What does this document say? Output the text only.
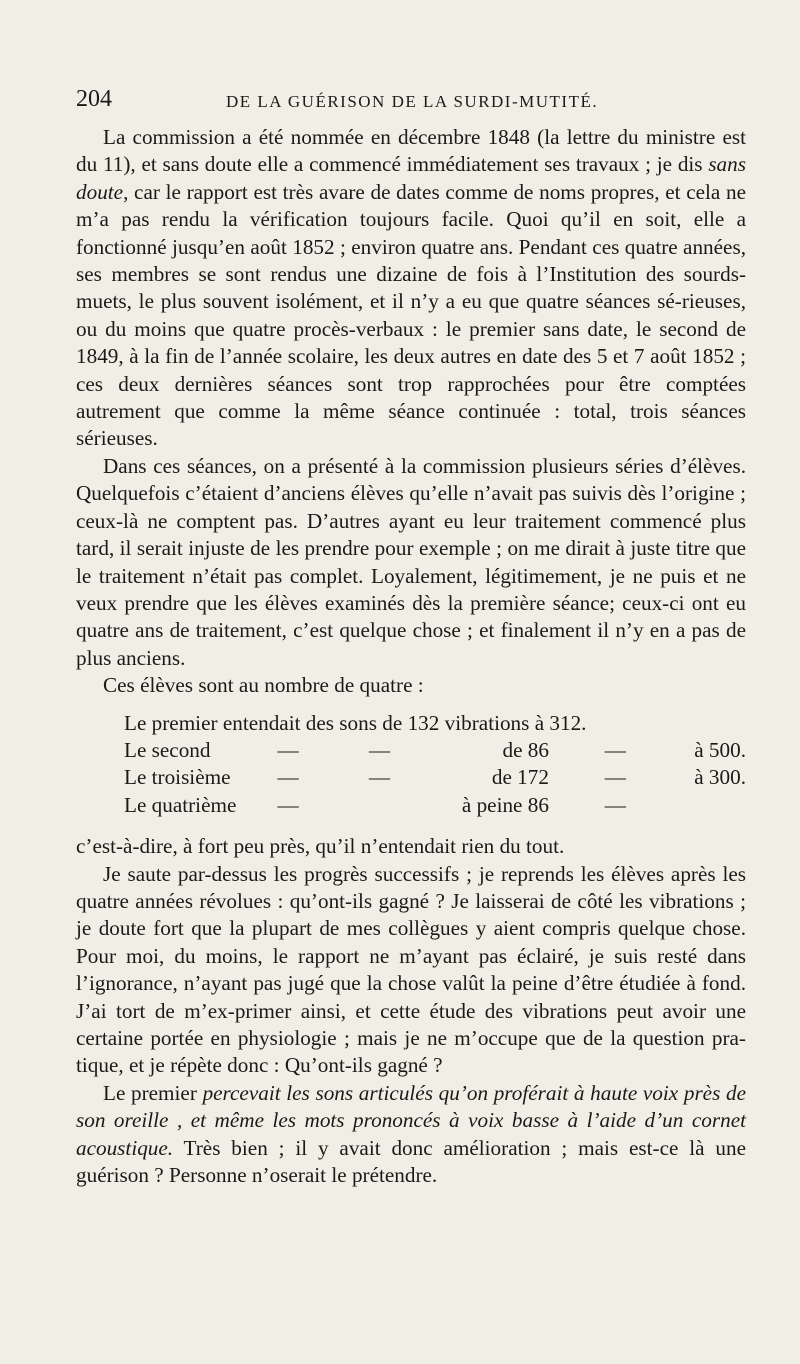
204	DE LA GUÉRISON DE LA SURDI-MUTITÉ.

La commission a été nommée en décembre 1848 (la lettre du ministre est du 11), et sans doute elle a commencé immédiatement ses travaux ; je dis sans doute, car le rapport est très avare de dates comme de noms propres, et cela ne m’a pas rendu la vérification toujours facile. Quoi qu’il en soit, elle a fonctionné jusqu’en août 1852 ; environ quatre ans. Pendant ces quatre années, ses membres se sont rendus une dizaine de fois à l’Institution des sourds-muets, le plus souvent isolément, et il n’y a eu que quatre séances sé-rieuses, ou du moins que quatre procès-verbaux : le premier sans date, le second de 1849, à la fin de l’année scolaire, les deux autres en date des 5 et 7 août 1852 ; ces deux dernières séances sont trop rapprochées pour être comptées autrement que comme la même séance continuée : total, trois séances sérieuses.

Dans ces séances, on a présenté à la commission plusieurs séries d’élèves. Quelquefois c’étaient d’anciens élèves qu’elle n’avait pas suivis dès l’origine ; ceux-là ne comptent pas. D’autres ayant eu leur traitement commencé plus tard, il serait injuste de les prendre pour exemple ; on me dirait à juste titre que le traitement n’était pas complet. Loyalement, légitimement, je ne puis et ne veux prendre que les élèves examinés dès la première séance; ceux-ci ont eu quatre ans de traitement, c’est quelque chose ; et finalement il n’y en a pas de plus anciens.

Ces élèves sont au nombre de quatre :

Le premier entendait des sons de 132 vibrations à 312.
Le second	—	—	de 86	—	à 500.
Le troisième	—	—	de 172	—	à 300.
Le quatrième	—		à peine 86	—	

c’est-à-dire, à fort peu près, qu’il n’entendait rien du tout.

Je saute par-dessus les progrès successifs ; je reprends les élèves après les quatre années révolues : qu’ont-ils gagné ? Je laisserai de côté les vibrations ; je doute fort que la plupart de mes collègues y aient compris quelque chose. Pour moi, du moins, le rapport ne m’ayant pas éclairé, je suis resté dans l’ignorance, n’ayant pas jugé que la chose valût la peine d’être étudiée à fond. J’ai tort de m’ex-primer ainsi, et cette étude des vibrations peut avoir une certaine portée en physiologie ; mais je ne m’occupe que de la question pra-tique, et je répète donc : Qu’ont-ils gagné ?

Le premier percevait les sons articulés qu’on proférait à haute voix près de son oreille , et même les mots prononcés à voix basse à l’aide d’un cornet acoustique. Très bien ; il y avait donc amélioration ; mais est-ce là une guérison ? Personne n’oserait le prétendre.
